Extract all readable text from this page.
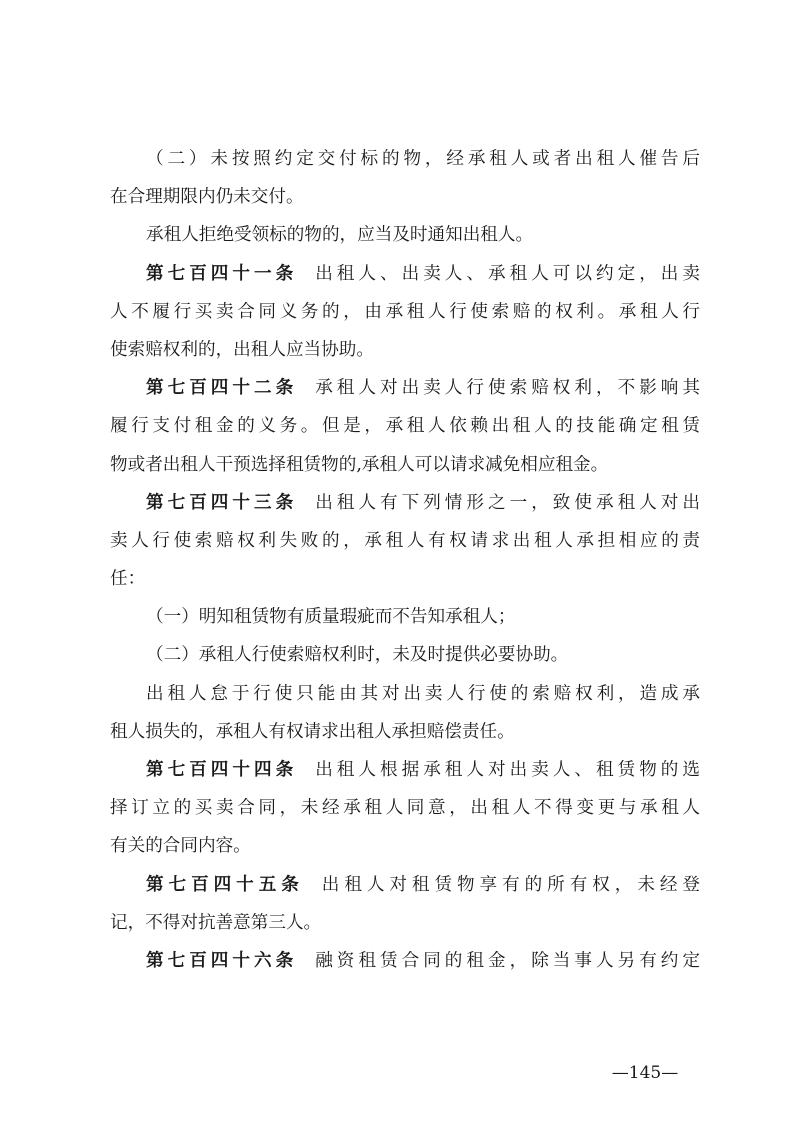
（二）未按照约定交付标的物，经承租人或者出租人催告后
在合理期限内仍未交付。
承租人拒绝受领标的物的，应当及时通知出租人。
第七百四十一条 出租人、出卖人、承租人可以约定，出卖
人不履行买卖合同义务的，由承租人行使索赔的权利。承租人行
使索赔权利的，出租人应当协助。
第七百四十二条 承租人对出卖人行使索赔权利，不影响其
履行支付租金的义务。但是，承租人依赖出租人的技能确定租赁
物或者出租人干预选择租赁物的,承租人可以请求减免相应租金。
第七百四十三条 出租人有下列情形之一，致使承租人对出
卖人行使索赔权利失败的，承租人有权请求出租人承担相应的责
任：
（一）明知租赁物有质量瑕疵而不告知承租人；
（二）承租人行使索赔权利时，未及时提供必要协助。
出租人怠于行使只能由其对出卖人行使的索赔权利，造成承
租人损失的，承租人有权请求出租人承担赔偿责任。
第七百四十四条 出租人根据承租人对出卖人、租赁物的选
择订立的买卖合同，未经承租人同意，出租人不得变更与承租人
有关的合同内容。
第七百四十五条 出租人对租赁物享有的所有权，未经登
记，不得对抗善意第三人。
第七百四十六条 融资租赁合同的租金，除当事人另有约定
—145—
